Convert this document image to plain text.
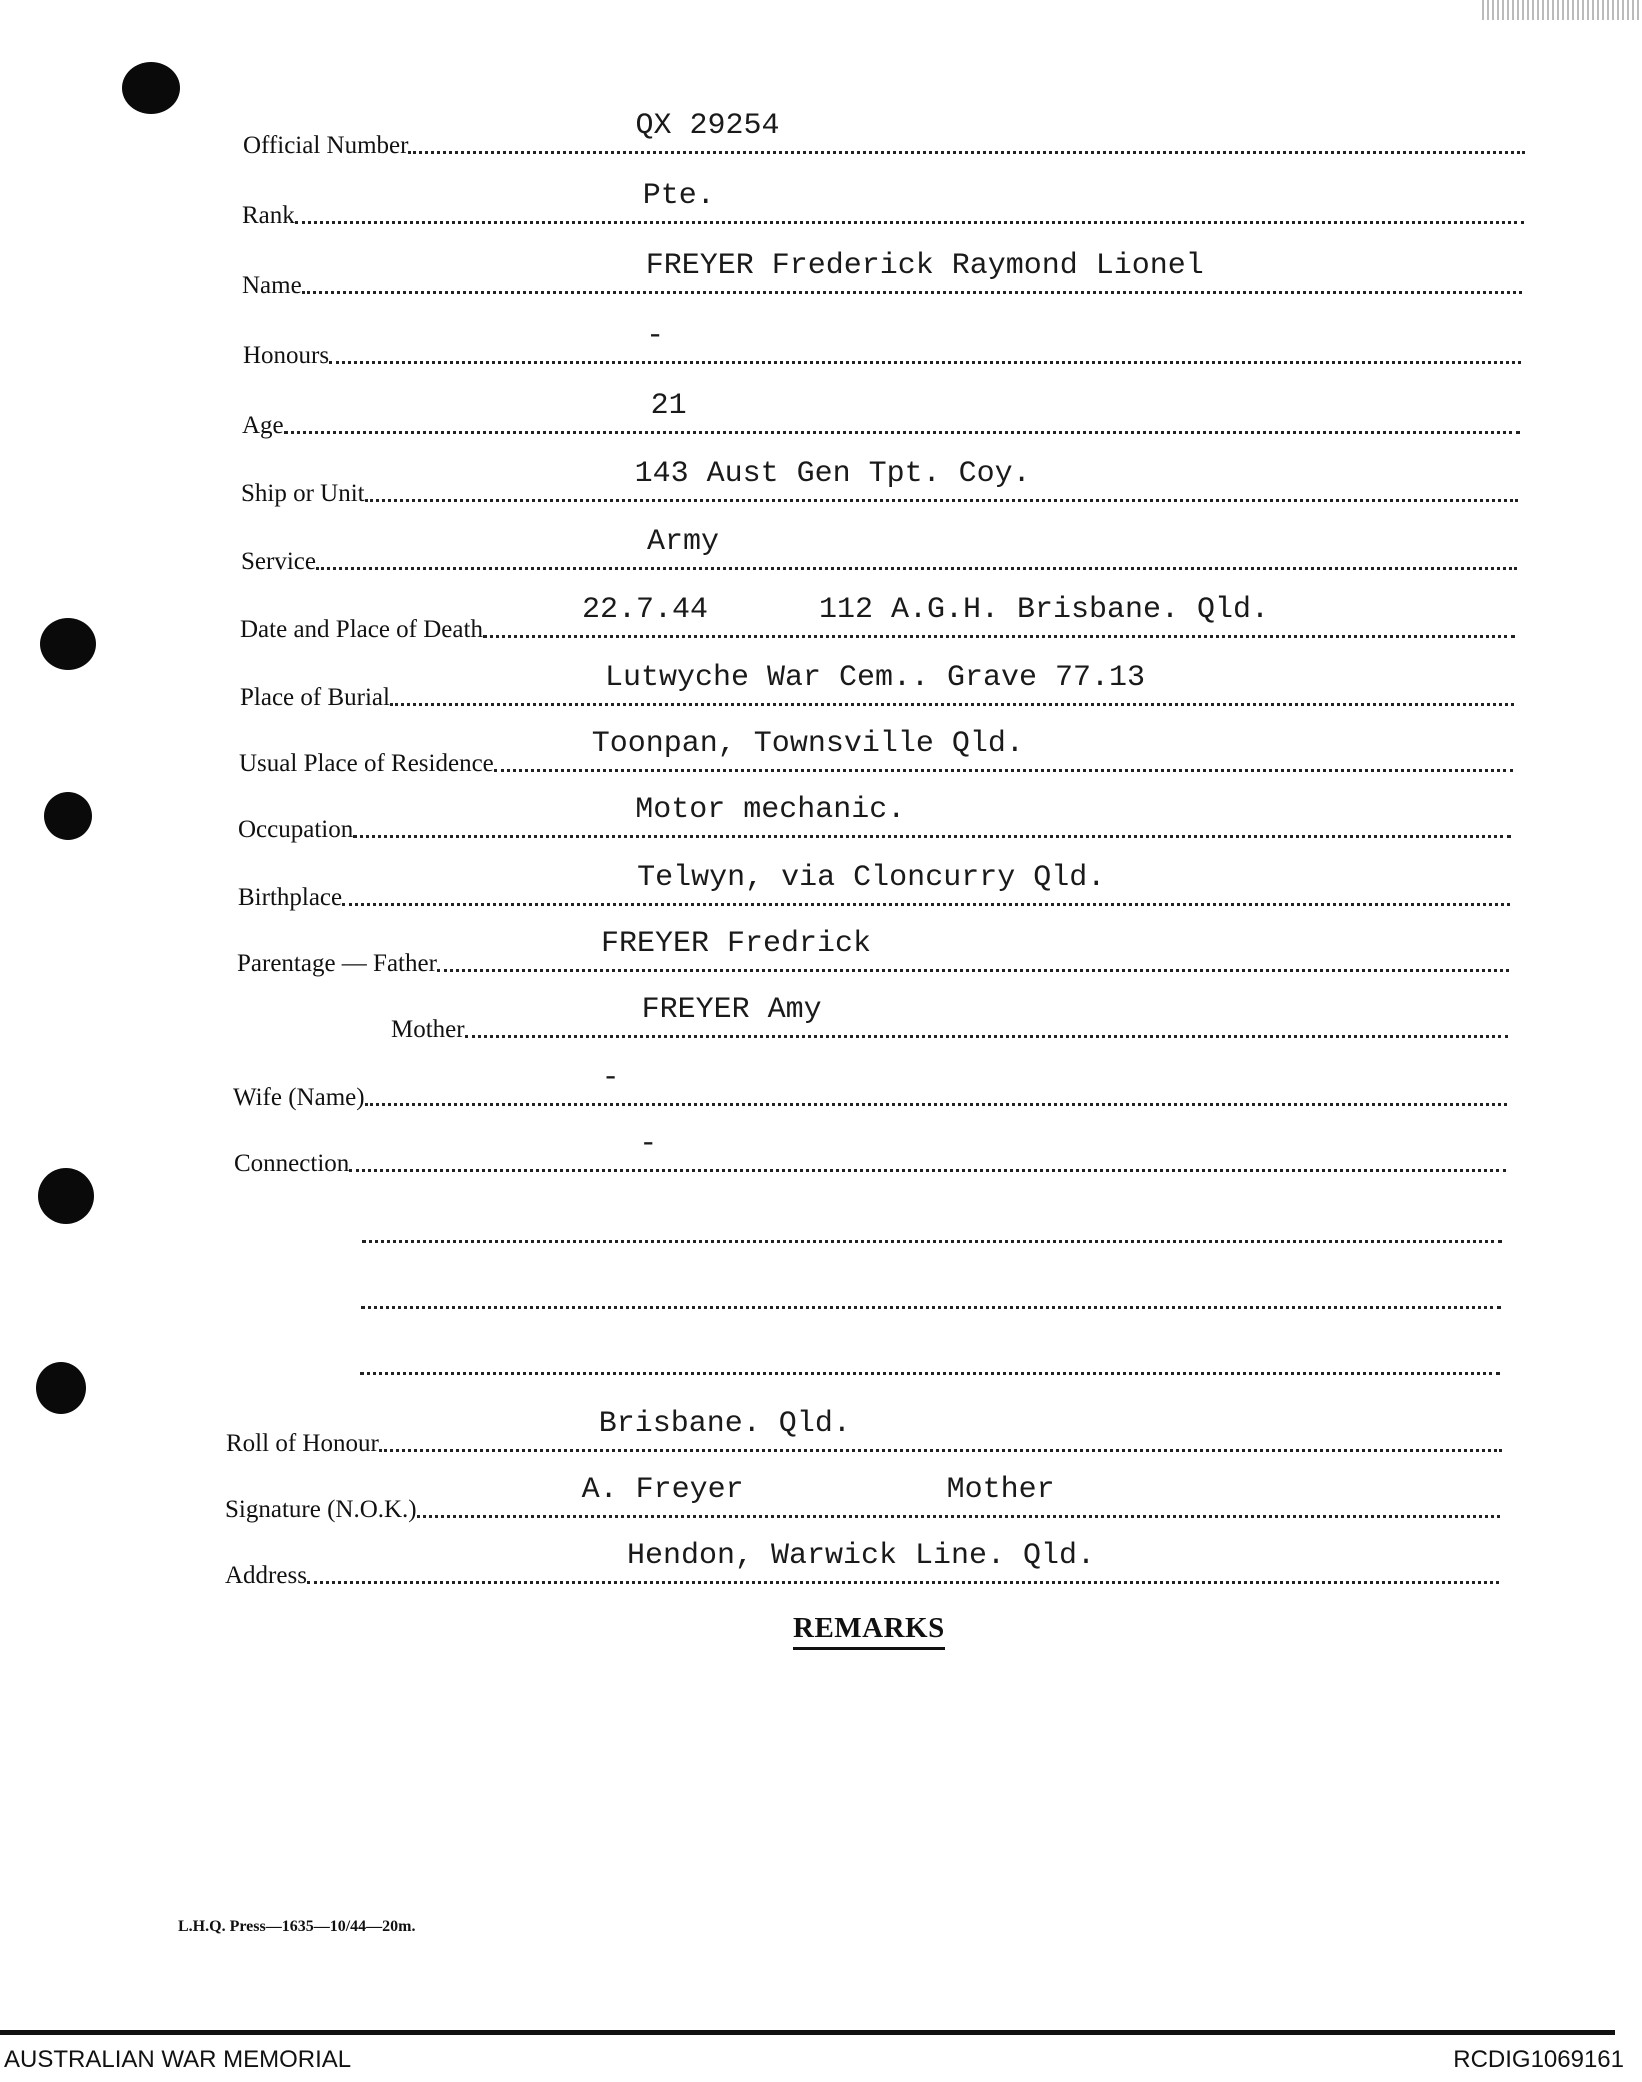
Official Number
QX 29254
Rank
Pte.
Name
FREYER Frederick Raymond Lionel
Honours
-
Age
21
Ship or Unit
143 Aust Gen Tpt. Coy.
Service
Army
Date and Place of Death
22.7.44	112 A.G.H. Brisbane. Qld.
Place of Burial
Lutwyche War Cem.. Grave 77.13
Usual Place of Residence
Toonpan, Townsville Qld.
Occupation
Motor mechanic.
Birthplace
Telwyn, via Cloncurry Qld.
Parentage — Father
FREYER Fredrick
Mother
FREYER Amy
Wife (Name)
-
Connection
-
Roll of Honour
Brisbane. Qld.
Signature (N.O.K.)
A. Freyer	Mother
Address
Hendon, Warwick Line. Qld.
REMARKS
L.H.Q. Press—1635—10/44—20m.
AUSTRALIAN WAR MEMORIAL	RCDIG1069161
